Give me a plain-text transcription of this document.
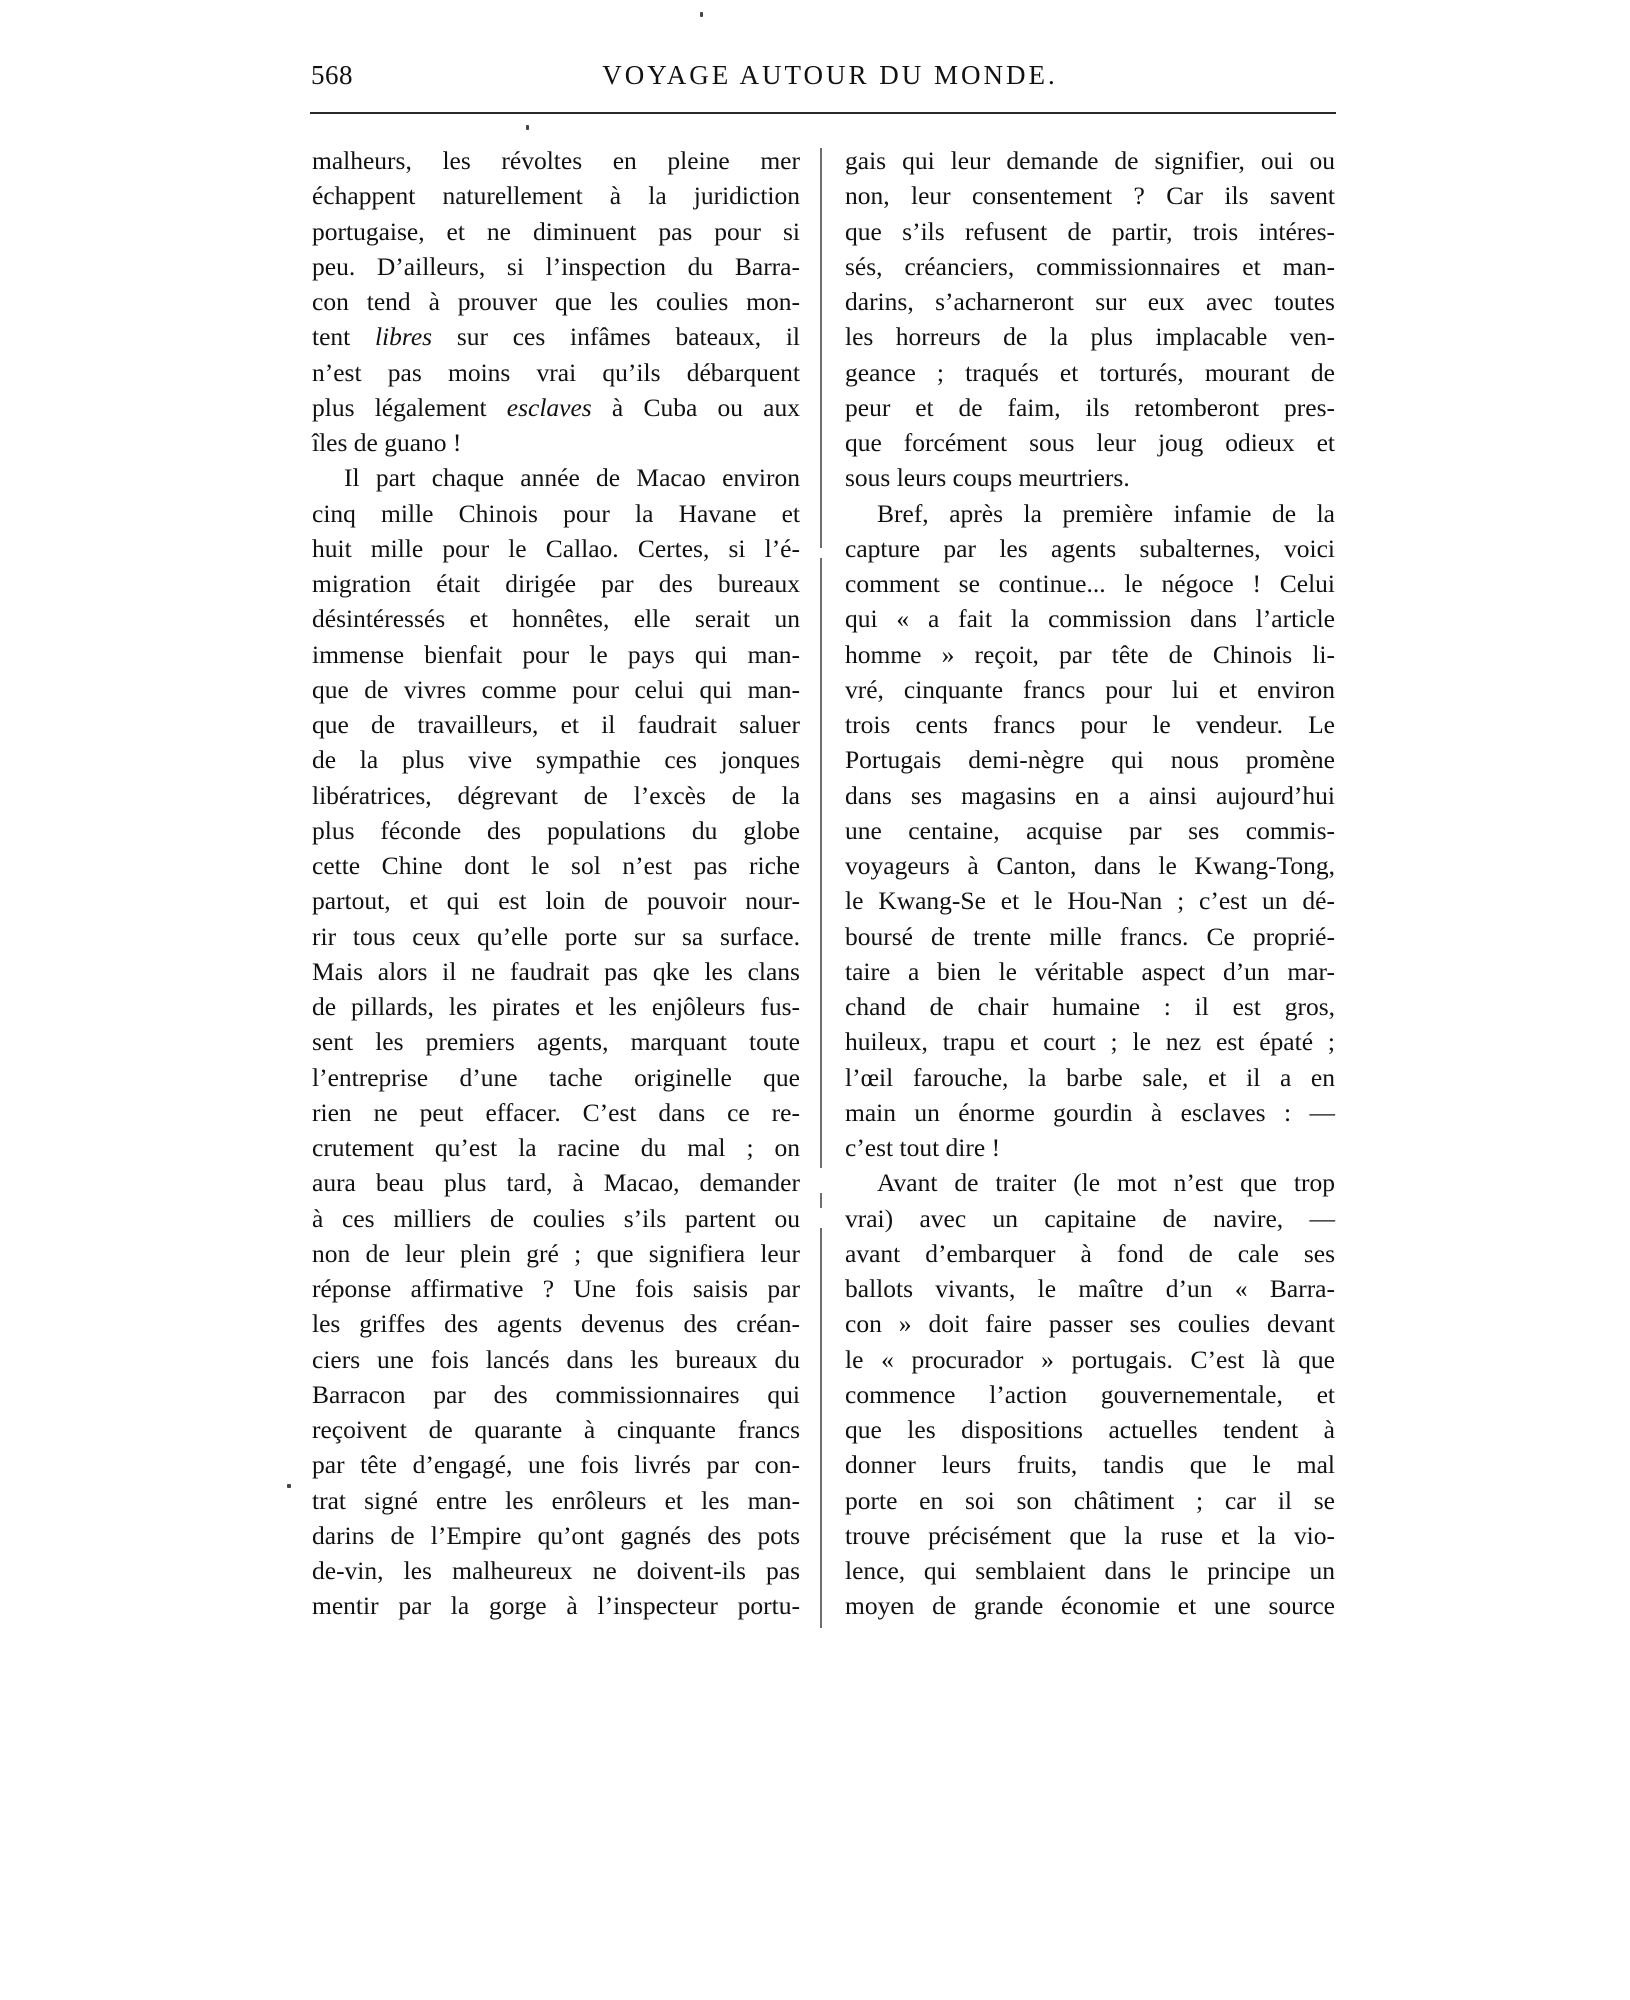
568	VOYAGE AUTOUR DU MONDE.
malheurs, les révoltes en pleine mer
échappent naturellement à la juridiction
portugaise, et ne diminuent pas pour si
peu. D’ailleurs, si l’inspection du Barra-
con tend à prouver que les coulies mon-
tent libres sur ces infâmes bateaux, il
n’est pas moins vrai qu’ils débarquent
plus légalement esclaves à Cuba ou aux
îles de guano !
Il part chaque année de Macao environ
cinq mille Chinois pour la Havane et
huit mille pour le Callao. Certes, si l’é-
migration était dirigée par des bureaux
désintéressés et honnêtes, elle serait un
immense bienfait pour le pays qui man-
que de vivres comme pour celui qui man-
que de travailleurs, et il faudrait saluer
de la plus vive sympathie ces jonques
libératrices, dégrevant de l’excès de la
plus féconde des populations du globe
cette Chine dont le sol n’est pas riche
partout, et qui est loin de pouvoir nour-
rir tous ceux qu’elle porte sur sa surface.
Mais alors il ne faudrait pas qke les clans
de pillards, les pirates et les enjôleurs fus-
sent les premiers agents, marquant toute
l’entreprise d’une tache originelle que
rien ne peut effacer. C’est dans ce re-
crutement qu’est la racine du mal ; on
aura beau plus tard, à Macao, demander
à ces milliers de coulies s’ils partent ou
non de leur plein gré ; que signifiera leur
réponse affirmative ? Une fois saisis par
les griffes des agents devenus des créan-
ciers une fois lancés dans les bureaux du
Barracon par des commissionnaires qui
reçoivent de quarante à cinquante francs
par tête d’engagé, une fois livrés par con-
trat signé entre les enrôleurs et les man-
darins de l’Empire qu’ont gagnés des pots
de-vin, les malheureux ne doivent-ils pas
mentir par la gorge à l’inspecteur portu-
gais qui leur demande de signifier, oui ou
non, leur consentement ? Car ils savent
que s’ils refusent de partir, trois intéres-
sés, créanciers, commissionnaires et man-
darins, s’acharneront sur eux avec toutes
les horreurs de la plus implacable ven-
geance ; traqués et torturés, mourant de
peur et de faim, ils retomberont pres-
que forcément sous leur joug odieux et
sous leurs coups meurtriers.
Bref, après la première infamie de la
capture par les agents subalternes, voici
comment se continue... le négoce ! Celui
qui « a fait la commission dans l’article
homme » reçoit, par tête de Chinois li-
vré, cinquante francs pour lui et environ
trois cents francs pour le vendeur. Le
Portugais demi-nègre qui nous promène
dans ses magasins en a ainsi aujourd’hui
une centaine, acquise par ses commis-
voyageurs à Canton, dans le Kwang-Tong,
le Kwang-Se et le Hou-Nan ; c’est un dé-
boursé de trente mille francs. Ce proprié-
taire a bien le véritable aspect d’un mar-
chand de chair humaine : il est gros,
huileux, trapu et court ; le nez est épaté ;
l’œil farouche, la barbe sale, et il a en
main un énorme gourdin à esclaves : —
c’est tout dire !
Avant de traiter (le mot n’est que trop
vrai) avec un capitaine de navire, —
avant d’embarquer à fond de cale ses
ballots vivants, le maître d’un « Barra-
con » doit faire passer ses coulies devant
le « procurador » portugais. C’est là que
commence l’action gouvernementale, et
que les dispositions actuelles tendent à
donner leurs fruits, tandis que le mal
porte en soi son châtiment ; car il se
trouve précisément que la ruse et la vio-
lence, qui semblaient dans le principe un
moyen de grande économie et une source
